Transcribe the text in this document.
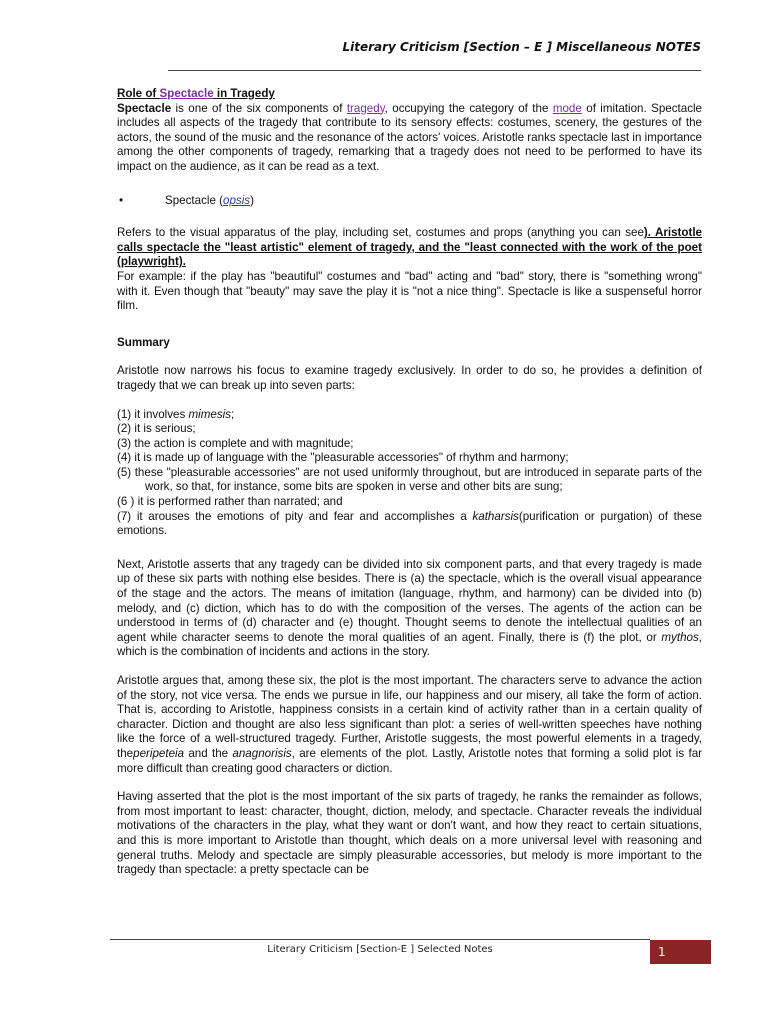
Literary Criticism [Section – E ] Miscellaneous NOTES

Role of Spectacle in Tragedy

Spectacle is one of the six components of tragedy, occupying the category of the mode of imitation. Spectacle includes all aspects of the tragedy that contribute to its sensory effects: costumes, scenery, the gestures of the actors, the sound of the music and the resonance of the actors' voices. Aristotle ranks spectacle last in importance among the other components of tragedy, remarking that a tragedy does not need to be performed to have its impact on the audience, as it can be read as a text.

•	Spectacle (opsis)

Refers to the visual apparatus of the play, including set, costumes and props (anything you can see). Aristotle calls spectacle the "least artistic" element of tragedy, and the "least connected with the work of the poet (playwright).

For example: if the play has "beautiful" costumes and "bad" acting and "bad" story, there is "something wrong" with it. Even though that "beauty" may save the play it is "not a nice thing". Spectacle is like a suspenseful horror film.

Summary

Aristotle now narrows his focus to examine tragedy exclusively. In order to do so, he provides a definition of tragedy that we can break up into seven parts:

(1) it involves mimesis;

(2) it is serious;

(3) the action is complete and with magnitude;

(4) it is made up of language with the "pleasurable accessories" of rhythm and harmony;

(5) these "pleasurable accessories" are not used uniformly throughout, but are introduced in separate parts of the work, so that, for instance, some bits are spoken in verse and other bits are sung;

(6 ) it is performed rather than narrated; and

(7) it arouses the emotions of pity and fear and accomplishes a katharsis(purification or purgation) of these emotions.

Next, Aristotle asserts that any tragedy can be divided into six component parts, and that every tragedy is made up of these six parts with nothing else besides. There is (a) the spectacle, which is the overall visual appearance of the stage and the actors. The means of imitation (language, rhythm, and harmony) can be divided into (b) melody, and (c) diction, which has to do with the composition of the verses. The agents of the action can be understood in terms of (d) character and (e) thought. Thought seems to denote the intellectual qualities of an agent while character seems to denote the moral qualities of an agent. Finally, there is (f) the plot, or mythos, which is the combination of incidents and actions in the story.

Aristotle argues that, among these six, the plot is the most important. The characters serve to advance the action of the story, not vice versa. The ends we pursue in life, our happiness and our misery, all take the form of action. That is, according to Aristotle, happiness consists in a certain kind of activity rather than in a certain quality of character. Diction and thought are also less significant than plot: a series of well-written speeches have nothing like the force of a well-structured tragedy. Further, Aristotle suggests, the most powerful elements in a tragedy, theperipeteia and the anagnorisis, are elements of the plot. Lastly, Aristotle notes that forming a solid plot is far more difficult than creating good characters or diction.

Having asserted that the plot is the most important of the six parts of tragedy, he ranks the remainder as follows, from most important to least: character, thought, diction, melody, and spectacle. Character reveals the individual motivations of the characters in the play, what they want or don't want, and how they react to certain situations, and this is more important to Aristotle than thought, which deals on a more universal level with reasoning and general truths. Melody and spectacle are simply pleasurable accessories, but melody is more important to the tragedy than spectacle: a pretty spectacle can be

Literary Criticism [Section-E ] Selected Notes	1
